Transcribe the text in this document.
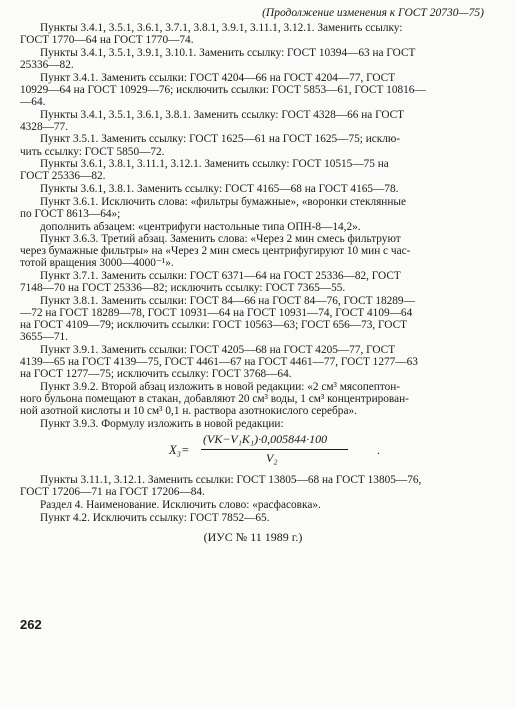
(Продолжение изменения к ГОСТ 20730—75)

Пункты 3.4.1, 3.5.1, 3.6.1, 3.7.1, 3.8.1, 3.9.1, 3.11.1, 3.12.1. Заменить ссылку:
ГОСТ 1770—64 на ГОСТ 1770—74.

Пункты 3.4.1, 3.5.1, 3.9.1, 3.10.1. Заменить ссылку: ГОСТ 10394—63 на ГОСТ
25336—82.

Пункт 3.4.1. Заменить ссылки: ГОСТ 4204—66 на ГОСТ 4204—77, ГОСТ
10929—64 на ГОСТ 10929—76; исключить ссылки: ГОСТ 5853—61, ГОСТ 10816—
—64.

Пункты 3.4.1, 3.5.1, 3.6.1, 3.8.1. Заменить ссылку: ГОСТ 4328—66 на ГОСТ
4328—77.

Пункт 3.5.1. Заменить ссылку: ГОСТ 1625—61 на ГОСТ 1625—75; исклю-
чить ссылку: ГОСТ 5850—72.

Пункты 3.6.1, 3.8.1, 3.11.1, 3.12.1. Заменить ссылку: ГОСТ 10515—75 на
ГОСТ 25336—82.

Пункты 3.6.1, 3.8.1. Заменить ссылку: ГОСТ 4165—68 на ГОСТ 4165—78.

Пункт 3.6.1. Исключить слова: «фильтры бумажные», «воронки стеклянные
по ГОСТ 8613—64»;

дополнить абзацем: «центрифуги настольные типа ОПН-8—14,2».

Пункт 3.6.3. Третий абзац. Заменить слова: «Через 2 мин смесь фильтруют
через бумажные фильтры» на «Через 2 мин смесь центрифугируют 10 мин с час-
тотой вращения 3000—4000⁻¹».

Пункт 3.7.1. Заменить ссылки: ГОСТ 6371—64 на ГОСТ 25336—82, ГОСТ
7148—70 на ГОСТ 25336—82; исключить ссылку: ГОСТ 7365—55.

Пункт 3.8.1. Заменить ссылки: ГОСТ 84—66 на ГОСТ 84—76, ГОСТ 18289—
—72 на ГОСТ 18289—78, ГОСТ 10931—64 на ГОСТ 10931—74, ГОСТ 4109—64
на ГОСТ 4109—79; исключить ссылки: ГОСТ 10563—63; ГОСТ 656—73, ГОСТ
3655—71.

Пункт 3.9.1. Заменить ссылки: ГОСТ 4205—68 на ГОСТ 4205—77, ГОСТ
4139—65 на ГОСТ 4139—75, ГОСТ 4461—67 на ГОСТ 4461—77, ГОСТ 1277—63
на ГОСТ 1277—75; исключить ссылку: ГОСТ 3768—64.

Пункт 3.9.2. Второй абзац изложить в новой редакции: «2 см³ мясопептон-
ного бульона помещают в стакан, добавляют 20 см³ воды, 1 см³ концентрирован-
ной азотной кислоты и 10 см³ 0,1 н. раствора азотнокислого серебра».

Пункт 3.9.3. Формулу изложить в новой редакции:

X₃=
(VK−V₁K₁)·0,005844·100
V₂
.

Пункты 3.11.1, 3.12.1. Заменить ссылки: ГОСТ 13805—68 на ГОСТ 13805—76,
ГОСТ 17206—71 на ГОСТ 17206—84.

Раздел 4. Наименование. Исключить слово: «расфасовка».

Пункт 4.2. Исключить ссылку: ГОСТ 7852—65.

(ИУС № 11 1989 г.)

262
